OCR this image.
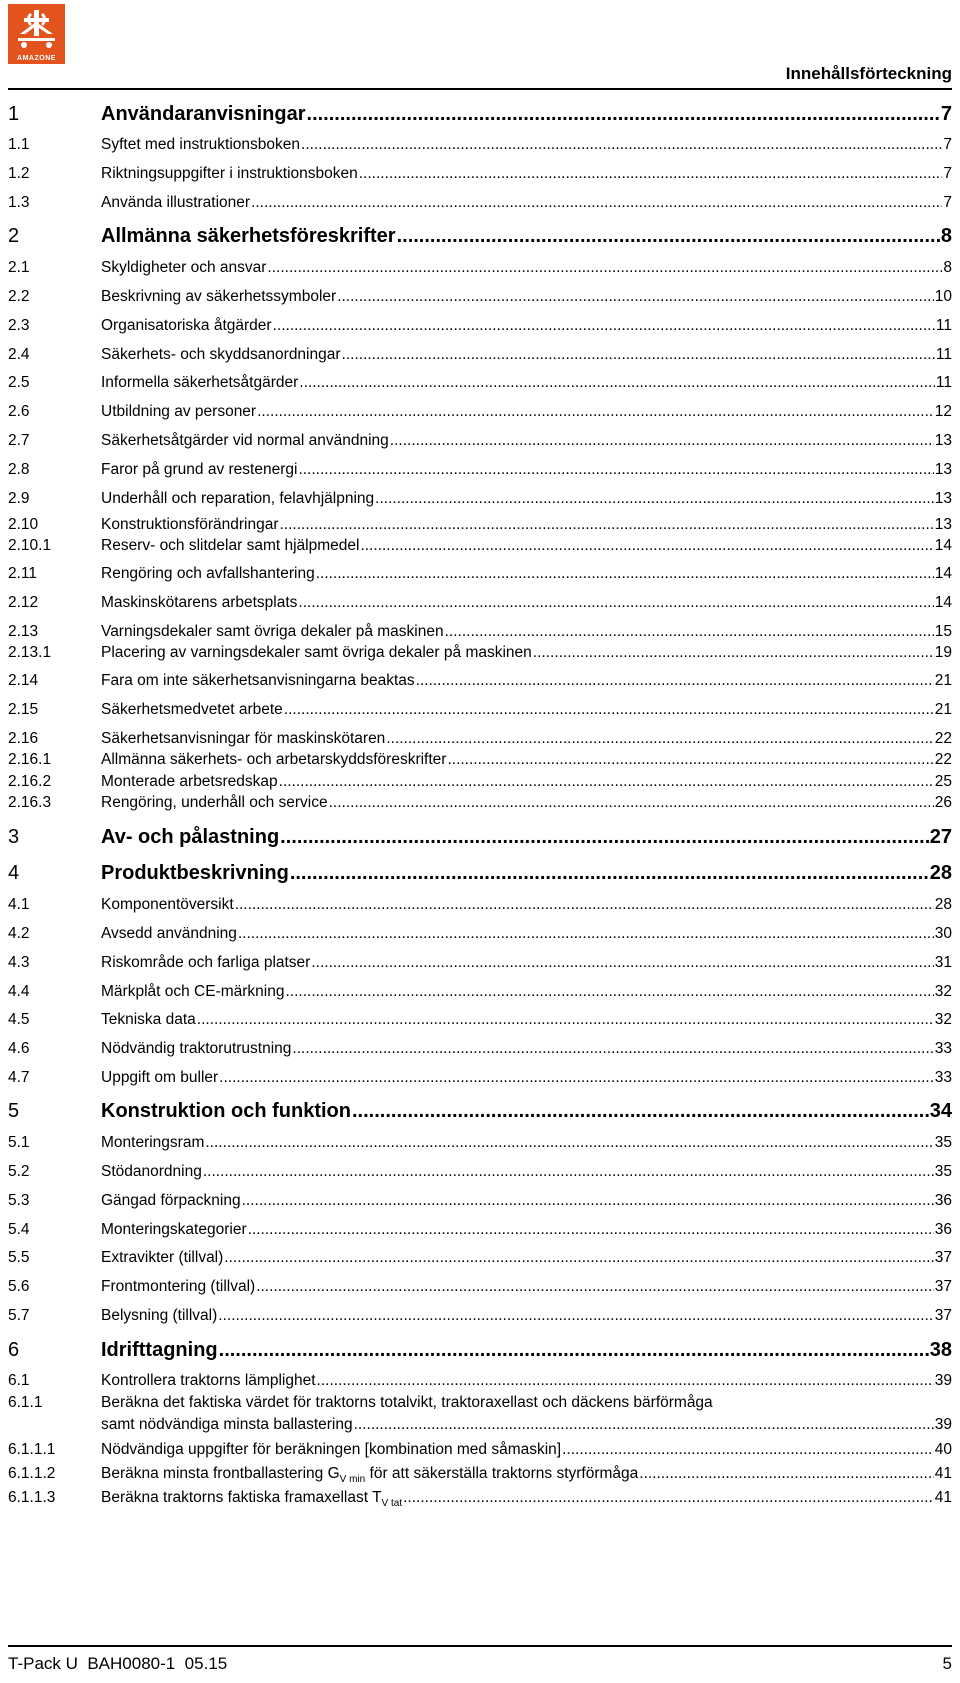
AMAZONE
Innehållsförteckning
1	Användaranvisningar .....	7
1.1	Syftet med instruktionsboken .....	7
1.2	Riktningsuppgifter i instruktionsboken .....	7
1.3	Använda illustrationer .....	7
2	Allmänna säkerhetsföreskrifter .....	8
2.1	Skyldigheter och ansvar .....	8
2.2	Beskrivning av säkerhetssymboler .....	10
2.3	Organisatoriska åtgärder .....	11
2.4	Säkerhets- och skyddsanordningar .....	11
2.5	Informella säkerhetsåtgärder .....	11
2.6	Utbildning av personer .....	12
2.7	Säkerhetsåtgärder vid normal användning .....	13
2.8	Faror på grund av restenergi .....	13
2.9	Underhåll och reparation, felavhjälpning .....	13
2.10	Konstruktionsförändringar .....	13
2.10.1	Reserv- och slitdelar samt hjälpmedel .....	14
2.11	Rengöring och avfallshantering .....	14
2.12	Maskinskötarens arbetsplats .....	14
2.13	Varningsdekaler samt övriga dekaler på maskinen .....	15
2.13.1	Placering av varningsdekaler samt övriga dekaler på maskinen .....	19
2.14	Fara om inte säkerhetsanvisningarna beaktas .....	21
2.15	Säkerhetsmedvetet arbete .....	21
2.16	Säkerhetsanvisningar för maskinskötaren .....	22
2.16.1	Allmänna säkerhets- och arbetarskyddsföreskrifter .....	22
2.16.2	Monterade arbetsredskap .....	25
2.16.3	Rengöring, underhåll och service .....	26
3	Av- och pålastning .....	27
4	Produktbeskrivning .....	28
4.1	Komponentöversikt .....	28
4.2	Avsedd användning .....	30
4.3	Riskområde och farliga platser .....	31
4.4	Märkplåt och CE-märkning .....	32
4.5	Tekniska data .....	32
4.6	Nödvändig traktorutrustning .....	33
4.7	Uppgift om buller .....	33
5	Konstruktion och funktion .....	34
5.1	Monteringsram .....	35
5.2	Stödanordning .....	35
5.3	Gängad förpackning .....	36
5.4	Monteringskategorier .....	36
5.5	Extravikter (tillval) .....	37
5.6	Frontmontering (tillval) .....	37
5.7	Belysning (tillval) .....	37
6	Idrifttagning .....	38
6.1	Kontrollera traktorns lämplighet .....	39
6.1.1	Beräkna det faktiska värdet för traktorns totalvikt, traktoraxellast och däckens bärförmåga
samt nödvändiga minsta ballastering .....	39
6.1.1.1	Nödvändiga uppgifter för beräkningen [kombination med såmaskin] .....	40
6.1.1.2	Beräkna minsta frontballastering $G_{V min}$ för att säkerställa traktorns styrförmåga .....	41
6.1.1.3	Beräkna traktorns faktiska framaxellast $T_{V tat}$ .....	41
T-Pack U  BAH0080-1  05.15	5
